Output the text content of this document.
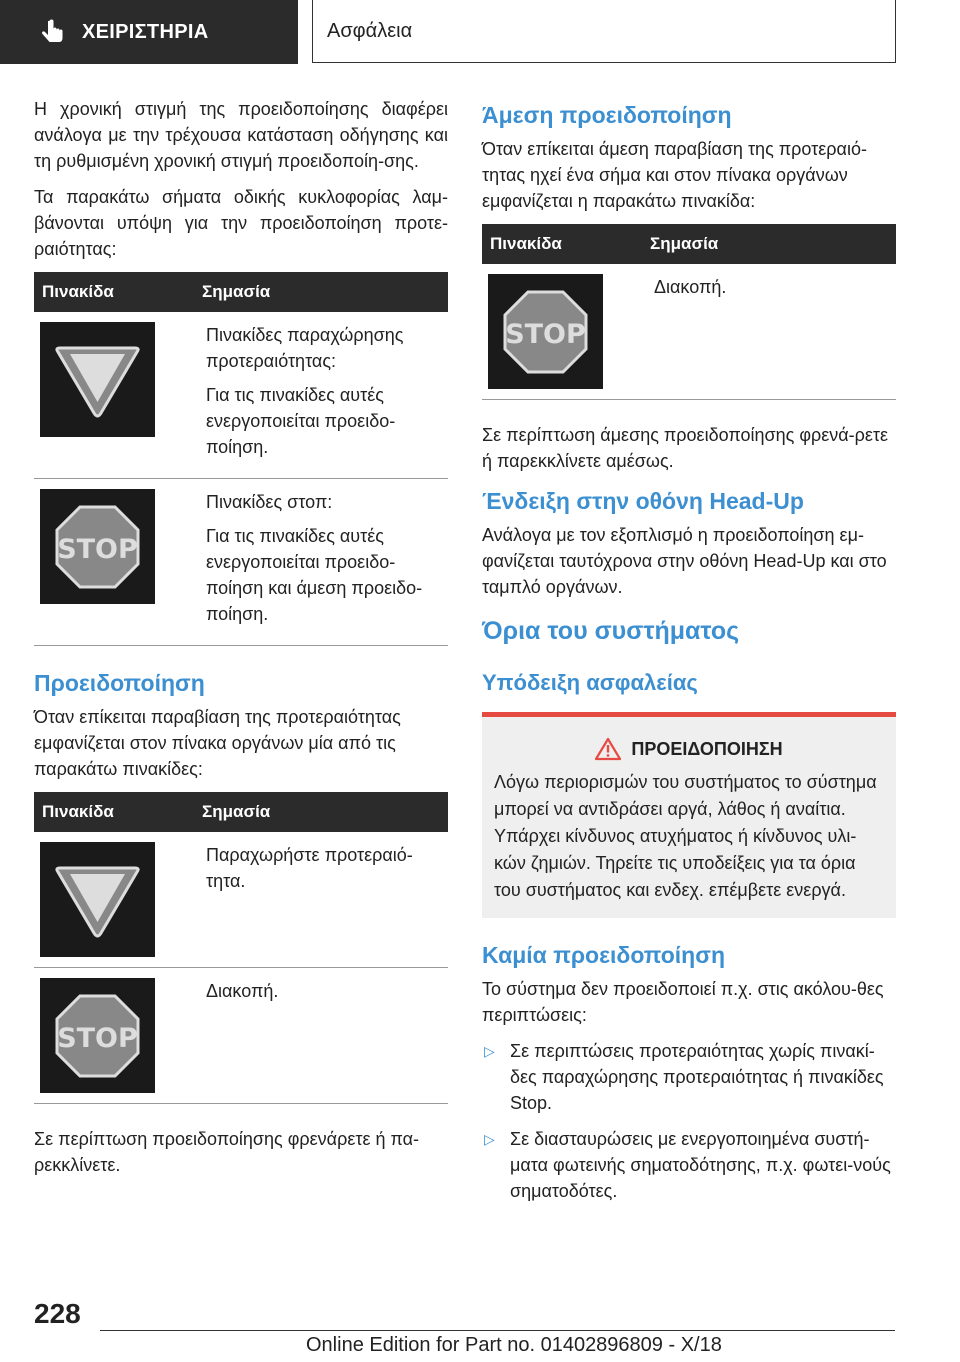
ΧΕΙΡΙΣΤΗΡΙΑ	Ασφάλεια

Η χρονική στιγμή της προειδοποίησης διαφέρει ανάλογα με την τρέχουσα κατάσταση οδήγησης και τη ρυθμισμένη χρονική στιγμή προειδοποίη-σης.

Τα παρακάτω σήματα οδικής κυκλοφορίας λαμ-βάνονται υπόψη για την προειδοποίηση προτε-ραιότητας:

Πινακίδα	Σημασία

Πινακίδες παραχώρησης προτεραιότητας:

Για τις πινακίδες αυτές ενεργοποιείται προειδο-ποίηση.

STOP	Πινακίδες στοπ:

Για τις πινακίδες αυτές ενεργοποιείται προειδο-ποίηση και άμεση προειδο-ποίηση.

Προειδοποίηση

Όταν επίκειται παραβίαση της προτεραιότητας εμφανίζεται στον πίνακα οργάνων μία από τις παρακάτω πινακίδες:

Πινακίδα	Σημασία

Παραχωρήστε προτεραιό-τητα.

STOP	Διακοπή.

Σε περίπτωση προειδοποίησης φρενάρετε ή πα-ρεκκλίνετε.

Άμεση προειδοποίηση

Όταν επίκειται άμεση παραβίαση της προτεραιό-τητας ηχεί ένα σήμα και στον πίνακα οργάνων εμφανίζεται η παρακάτω πινακίδα:

Πινακίδα	Σημασία

STOP	Διακοπή.

Σε περίπτωση άμεσης προειδοποίησης φρενά-ρετε ή παρεκκλίνετε αμέσως.

Ένδειξη στην οθόνη Head-Up

Ανάλογα με τον εξοπλισμό η προειδοποίηση εμ-φανίζεται ταυτόχρονα στην οθόνη Head-Up και στο ταμπλό οργάνων.

Όρια του συστήματος
Υπόδειξη ασφαλείας
ΠΡΟΕΙΔΟΠΟΙΗΣΗ

Λόγω περιορισμών του συστήματος το σύστημα μπορεί να αντιδράσει αργά, λάθος ή αναίτια. Υπάρχει κίνδυνος ατυχήματος ή κίνδυνος υλι-κών ζημιών. Τηρείτε τις υποδείξεις για τα όρια του συστήματος και ενδεχ. επέμβετε ενεργά.

Καμία προειδοποίηση

Το σύστημα δεν προειδοποιεί π.χ. στις ακόλου-θες περιπτώσεις:

▷ Σε περιπτώσεις προτεραιότητας χωρίς πινακί-δες παραχώρησης προτεραιότητας ή πινακίδες Stop.
▷ Σε διασταυρώσεις με ενεργοποιημένα συστή-ματα φωτεινής σηματοδότησης, π.χ. φωτει-νούς σηματοδότες.
228
Online Edition for Part no. 01402896809 - X/18
